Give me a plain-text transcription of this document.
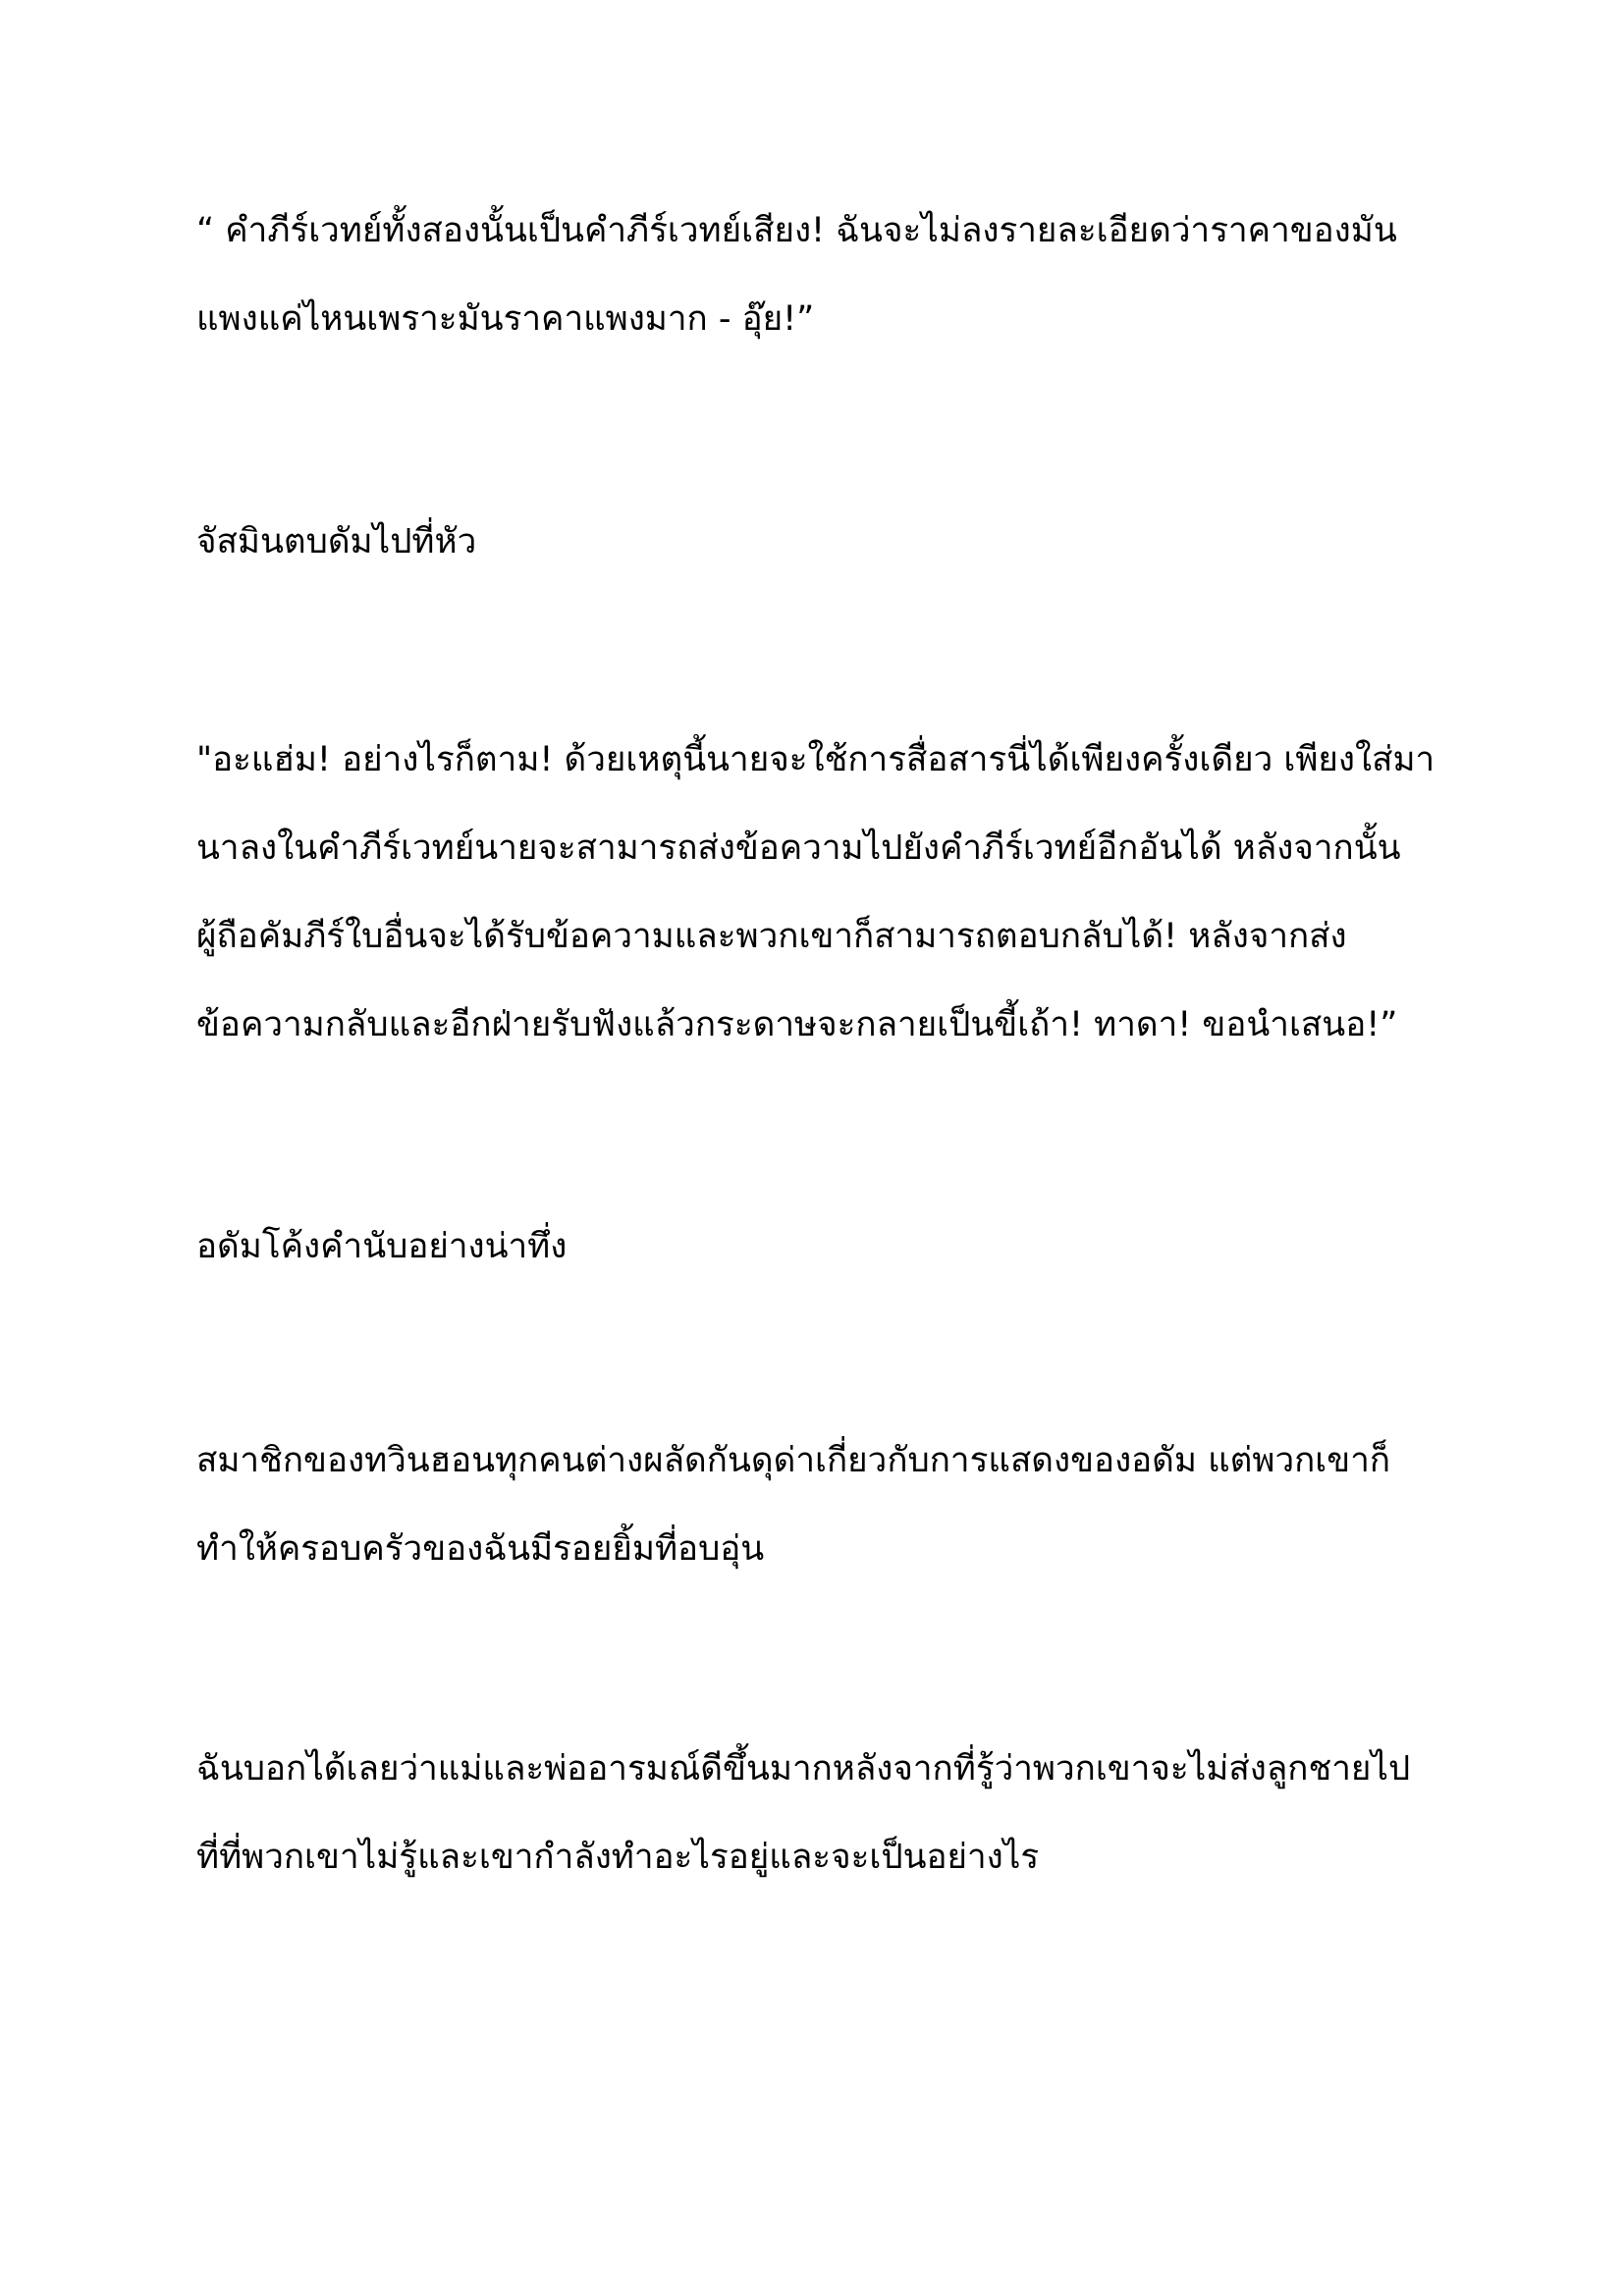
“ คำภีร์เวทย์ทั้งสองนั้นเป็นคำภีร์เวทย์เสียง! ฉันจะไม่ลงรายละเอียดว่าราคาของมัน
แพงแค่ไหนเพราะมันราคาแพงมาก - อุ๊ย!”
จัสมินตบดัมไปที่หัว
"อะแฮ่ม! อย่างไรก็ตาม! ด้วยเหตุนี้นายจะใช้การสื่อสารนี่ได้เพียงครั้งเดียว เพียงใส่มา
นาลงในคำภีร์เวทย์นายจะสามารถส่งข้อความไปยังคำภีร์เวทย์อีกอันได้ หลังจากนั้น
ผู้ถือคัมภีร์ใบอื่นจะได้รับข้อความและพวกเขาก็สามารถตอบกลับได้! หลังจากส่ง
ข้อความกลับและอีกฝ่ายรับฟังแล้วกระดาษจะกลายเป็นขี้เถ้า! ทาดา! ขอนำเสนอ!”
อดัมโค้งคำนับอย่างน่าทึ่ง
สมาชิกของทวินฮอนทุกคนต่างผลัดกันดุด่าเกี่ยวกับการแสดงของอดัม แต่พวกเขาก็
ทำให้ครอบครัวของฉันมีรอยยิ้มที่อบอุ่น
ฉันบอกได้เลยว่าแม่และพ่ออารมณ์ดีขึ้นมากหลังจากที่รู้ว่าพวกเขาจะไม่ส่งลูกชายไป
ที่ที่พวกเขาไม่รู้และเขากำลังทำอะไรอยู่และจะเป็นอย่างไร
